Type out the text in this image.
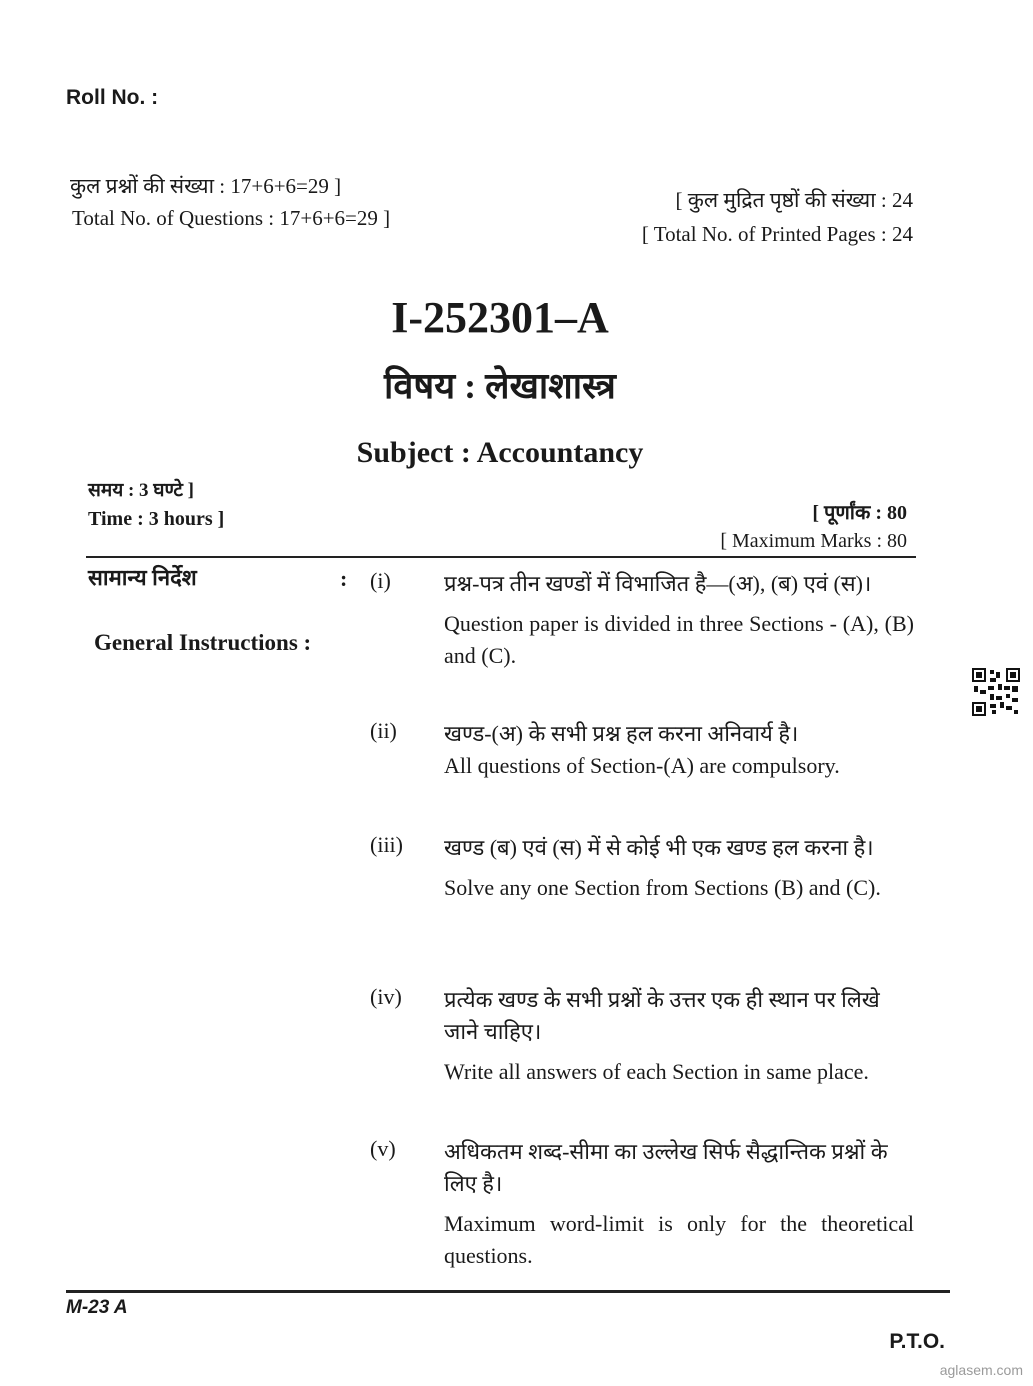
Roll No. :
कुल प्रश्नों की संख्या : 17+6+6=29 ]
Total No. of Questions : 17+6+6=29 ]
[ कुल मुद्रित पृष्ठों की संख्या : 24
[ Total No. of Printed Pages : 24
I-252301–A
विषय : लेखाशास्त्र
Subject : Accountancy
समय : 3 घण्टे ]
Time : 3 hours ]	[ पूर्णांक : 80
[ Maximum Marks : 80
सामान्य निर्देश	:
General Instructions :
(i) प्रश्न-पत्र तीन खण्डों में विभाजित है—(अ), (ब) एवं (स)।

Question paper is divided in three Sections - (A), (B) and (C).

(ii) खण्ड-(अ) के सभी प्रश्न हल करना अनिवार्य है।

All questions of Section-(A) are compulsory.

(iii) खण्ड (ब) एवं (स) में से कोई भी एक खण्ड हल करना है।

Solve any one Section from Sections (B) and (C).

(iv) प्रत्येक खण्ड के सभी प्रश्नों के उत्तर एक ही स्थान पर लिखे जाने चाहिए।

Write all answers of each Section in same place.

(v) अधिकतम शब्द-सीमा का उल्लेख सिर्फ सैद्धान्तिक प्रश्नों के लिए है।

Maximum word-limit is only for the theoretical questions.

M-23 A
P.T.O.
aglasem.com
